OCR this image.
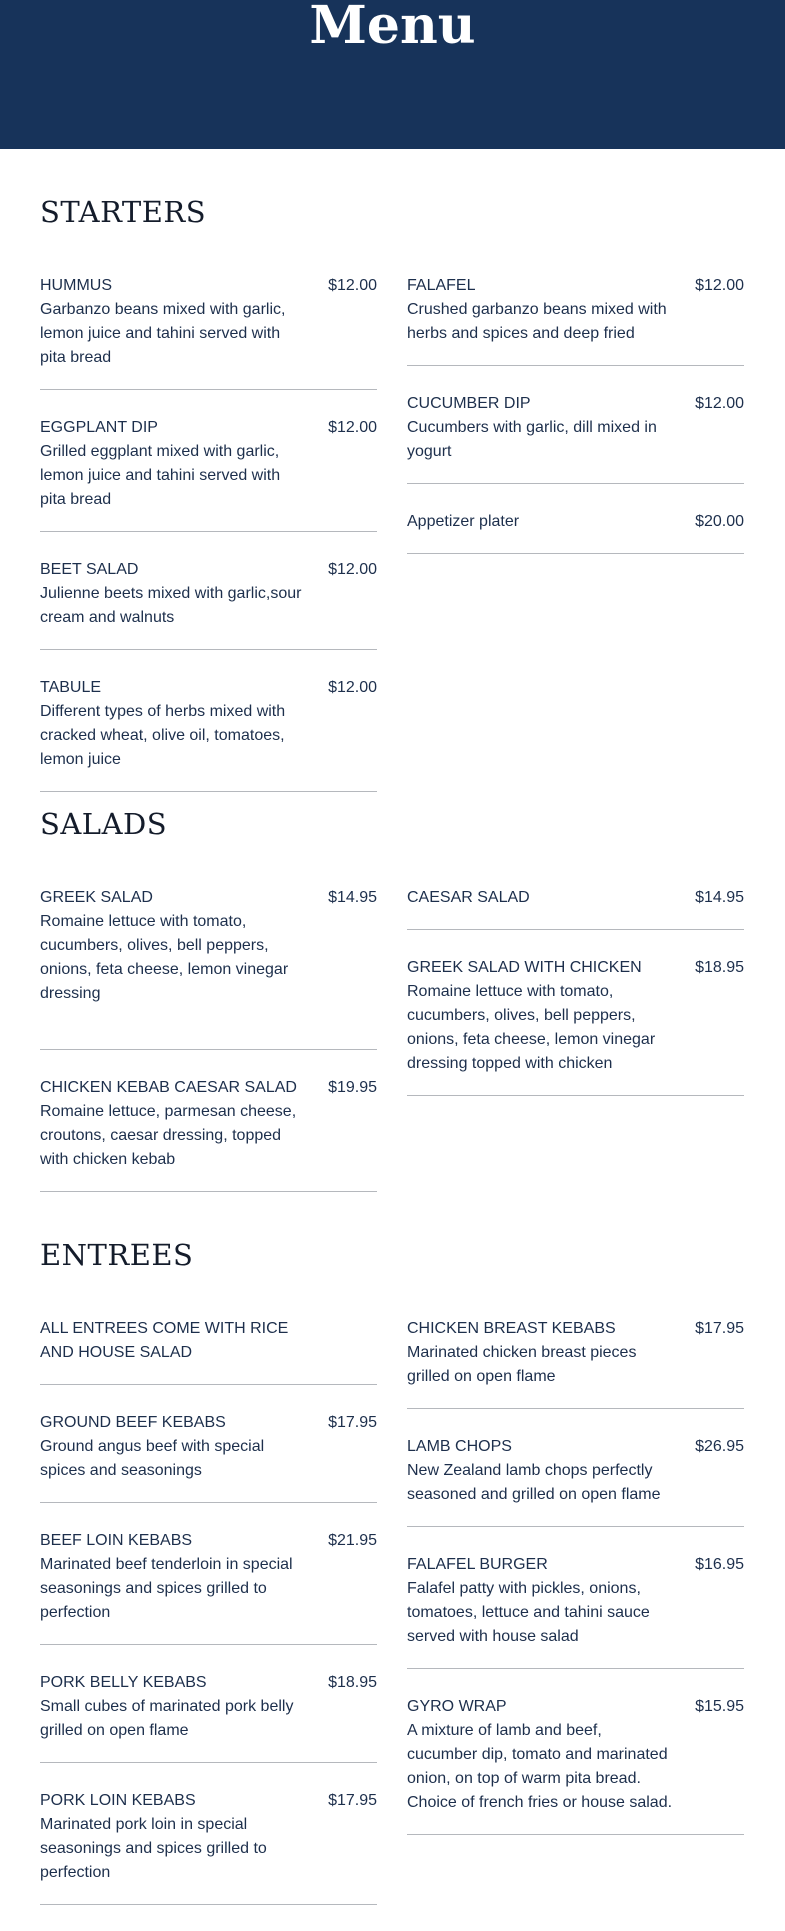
Menu
STARTERS
HUMMUS	$12.00
Garbanzo beans mixed with garlic, lemon juice and tahini served with pita bread
EGGPLANT DIP	$12.00
Grilled eggplant mixed with garlic, lemon juice and tahini served with pita bread
BEET SALAD	$12.00
Julienne beets mixed with garlic,sour cream and walnuts
TABULE	$12.00
Different types of herbs mixed with cracked wheat, olive oil, tomatoes, lemon juice
FALAFEL	$12.00
Crushed garbanzo beans mixed with herbs and spices and deep fried
CUCUMBER DIP	$12.00
Cucumbers with garlic, dill mixed in yogurt
Appetizer plater	$20.00
SALADS
GREEK SALAD	$14.95
Romaine lettuce with tomato, cucumbers, olives, bell peppers, onions, feta cheese, lemon vinegar dressing
CHICKEN KEBAB CAESAR SALAD	$19.95
Romaine lettuce, parmesan cheese, croutons, caesar dressing, topped with chicken kebab
CAESAR SALAD	$14.95
GREEK SALAD WITH CHICKEN	$18.95
Romaine lettuce with tomato, cucumbers, olives, bell peppers, onions, feta cheese, lemon vinegar dressing topped with chicken
ENTREES
ALL ENTREES COME WITH RICE AND HOUSE SALAD
GROUND BEEF KEBABS	$17.95
Ground angus beef with special spices and seasonings
BEEF LOIN KEBABS	$21.95
Marinated beef tenderloin in special seasonings and spices grilled to perfection
PORK BELLY KEBABS	$18.95
Small cubes of marinated pork belly grilled on open flame
PORK LOIN KEBABS	$17.95
Marinated pork loin in special seasonings and spices grilled to perfection
CHICKEN BREAST KEBABS	$17.95
Marinated chicken breast pieces grilled on open flame
LAMB CHOPS	$26.95
New Zealand lamb chops perfectly seasoned and grilled on open flame
FALAFEL BURGER	$16.95
Falafel patty with pickles, onions, tomatoes, lettuce and tahini sauce served with house salad
GYRO WRAP	$15.95
A mixture of lamb and beef, cucumber dip, tomato and marinated onion, on top of warm pita bread. Choice of french fries or house salad.
